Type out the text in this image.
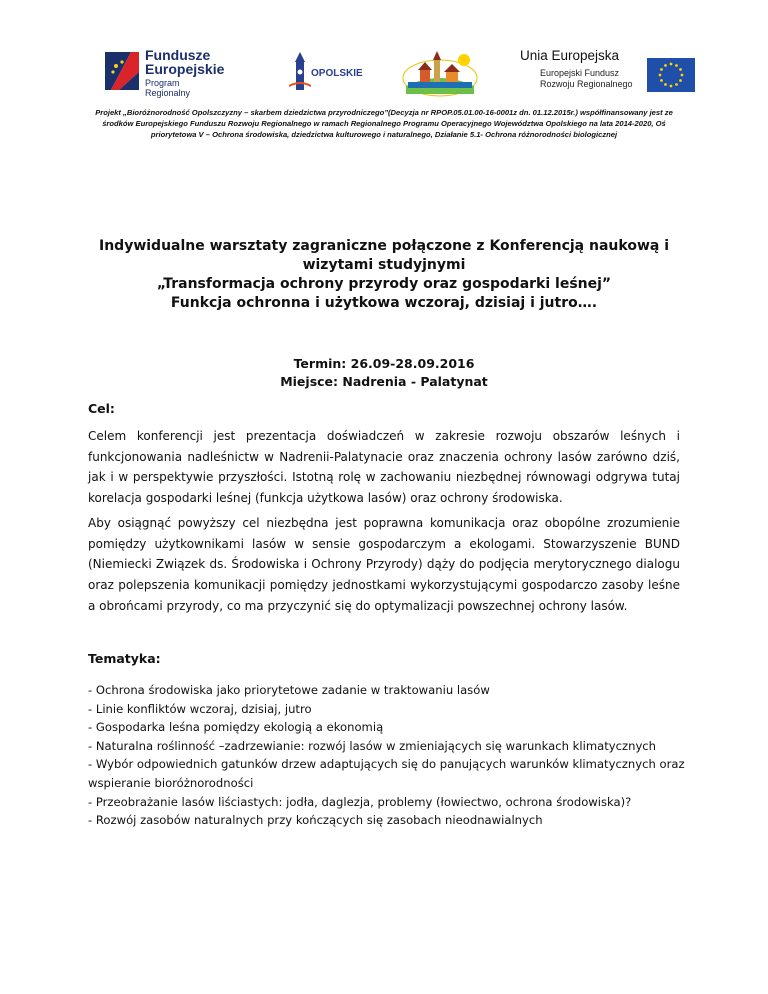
Fundusze
Europejskie
Program Regionalny
OPOLSKIE
Unia Europejska
Europejski Fundusz
Rozwoju Regionalnego
Projekt „Bioróżnorodność Opolszczyzny – skarbem dziedzictwa przyrodniczego”(Decyzja nr RPOP.05.01.00-16-0001z dn. 01.12.2015r.) współfinansowany jest ze środków Europejskiego Funduszu Rozwoju Regionalnego w ramach Regionalnego Programu Operacyjnego Województwa Opolskiego na lata 2014-2020, Oś priorytetowa V – Ochrona środowiska, dziedzictwa kulturowego i naturalnego, Działanie 5.1- Ochrona różnorodności biologicznej
Indywidualne warsztaty zagraniczne połączone z Konferencją naukową i wizytami studyjnymi
„Transformacja ochrony przyrody oraz gospodarki leśnej”
Funkcja ochronna i użytkowa wczoraj, dzisiaj i jutro….
Termin: 26.09-28.09.2016
Miejsce: Nadrenia - Palatynat
Cel:
Celem konferencji jest prezentacja doświadczeń w zakresie rozwoju obszarów leśnych i funkcjonowania nadleśnictw w Nadrenii-Palatynacie oraz znaczenia ochrony lasów zarówno dziś, jak i w perspektywie przyszłości. Istotną rolę w zachowaniu niezbędnej równowagi odgrywa tutaj korelacja gospodarki leśnej (funkcja użytkowa lasów) oraz ochrony środowiska.
Aby osiągnąć powyższy cel niezbędna jest poprawna komunikacja oraz obopólne zrozumienie pomiędzy użytkownikami lasów w sensie gospodarczym a ekologami. Stowarzyszenie BUND (Niemiecki Związek ds. Środowiska i Ochrony Przyrody) dąży do podjęcia merytorycznego dialogu oraz polepszenia komunikacji pomiędzy jednostkami wykorzystującymi gospodarczo zasoby leśne a obrońcami przyrody, co ma przyczynić się do optymalizacji powszechnej ochrony lasów.
Tematyka:
- Ochrona środowiska jako priorytetowe zadanie w traktowaniu lasów
- Linie konfliktów wczoraj, dzisiaj, jutro
- Gospodarka leśna pomiędzy ekologią a ekonomią
- Naturalna roślinność –zadrzewianie: rozwój lasów w zmieniających się warunkach klimatycznych
- Wybór odpowiednich gatunków drzew adaptujących się do panujących warunków klimatycznych oraz wspieranie bioróżnorodności
- Przeobrażanie lasów liściastych: jodła, daglezja, problemy (łowiectwo, ochrona środowiska)?
- Rozwój zasobów naturalnych przy kończących się zasobach nieodnawialnych
